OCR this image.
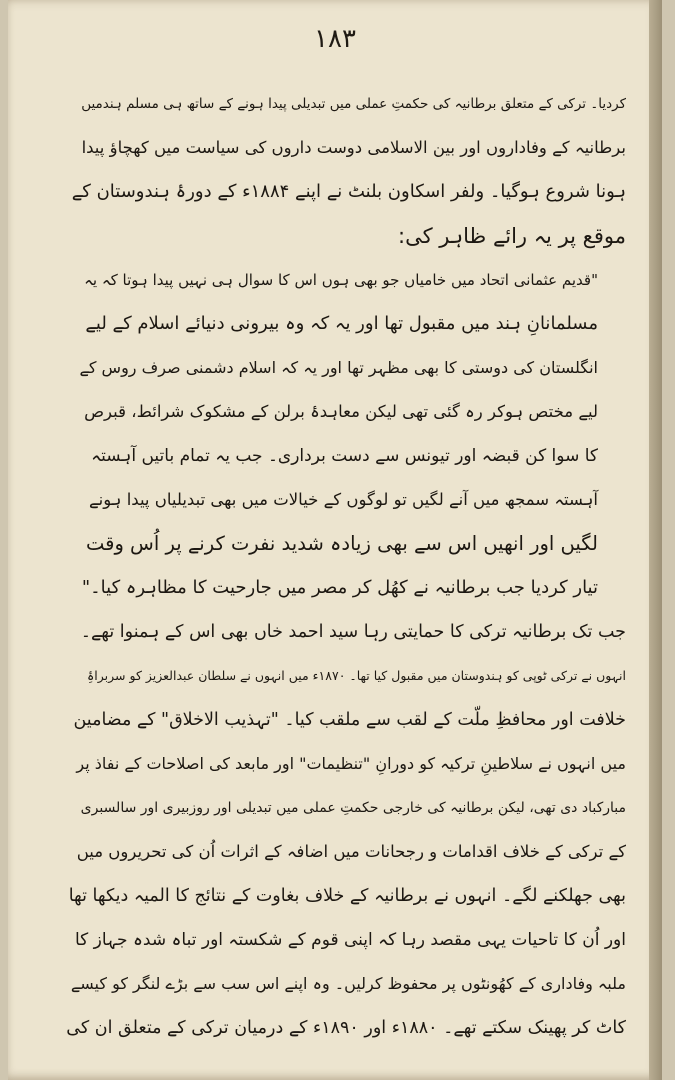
١٨٣
کردیا۔ ترکی کے متعلق برطانیہ کی حکمتِ عملی میں تبدیلی پیدا ہونے کے ساتھ ہی مسلم ہندمیں
برطانیہ کے وفاداروں اور بین الاسلامی دوست داروں کی سیاست میں کھچاؤ پیدا
ہونا شروع ہوگیا۔ ولفر اسکاون بلنٹ نے اپنے ۱۸۸۴ء کے دورۂ ہندوستان کے
موقع پر یہ رائے ظاہر کی:
"قدیم عثمانی اتحاد میں خامیاں جو بھی ہوں اس کا سوال ہی نہیں پیدا ہوتا کہ یہ
مسلمانانِ ہند میں مقبول تھا اور یہ کہ وہ بیرونی دنیائے اسلام کے لیے
انگلستان کی دوستی کا بھی مظہر تھا اور یہ کہ اسلام دشمنی صرف روس کے
لیے مختص ہوکر رہ گئی تھی لیکن معاہدۂ برلن کے مشکوک شرائط، قبرص
کا سوا کن قبضہ اور تیونس سے دست برداری۔ جب یہ تمام باتیں آہستہ
آہستہ سمجھ میں آنے لگیں تو لوگوں کے خیالات میں بھی تبدیلیاں پیدا ہونے
لگیں اور انھیں اس سے بھی زیادہ شدید نفرت کرنے پر اُس وقت
تیار کردیا جب برطانیہ نے کھُل کر مصر میں جارحیت کا مظاہرہ کیا۔"
جب تک برطانیہ ترکی کا حمایتی رہا سید احمد خاں بھی اس کے ہمنوا تھے۔
انہوں نے ترکی ٹوپی کو ہندوستان میں مقبول کیا تھا۔ ۱۸۷۰ء میں انہوں نے سلطان عبدالعزیز کو سربراۂِ
خلافت اور محافظِ ملّت کے لقب سے ملقب کیا۔ "تہذیب الاخلاق" کے مضامین
میں انہوں نے سلاطینِ ترکیہ کو دورانِ "تنظیمات" اور مابعد کی اصلاحات کے نفاذ پر
مبارکباد دی تھی، لیکن برطانیہ کی خارجی حکمتِ عملی میں تبدیلی اور روزبیری اور سالسبری
کے ترکی کے خلاف اقدامات و رجحانات میں اضافہ کے اثرات اُن کی تحریروں میں
بھی جھلکنے لگے۔ انہوں نے برطانیہ کے خلاف بغاوت کے نتائج کا المیہ دیکھا تھا
اور اُن کا تاحیات یہی مقصد رہا کہ اپنی قوم کے شکستہ اور تباہ شدہ جہاز کا
ملبہ وفاداری کے کھُونٹوں پر محفوظ کرلیں۔ وہ اپنے اس سب سے بڑے لنگر کو کیسے
کاٹ کر پھینک سکتے تھے۔ ۱۸۸۰ء اور ۱۸۹۰ء کے درمیان ترکی کے متعلق ان کی
